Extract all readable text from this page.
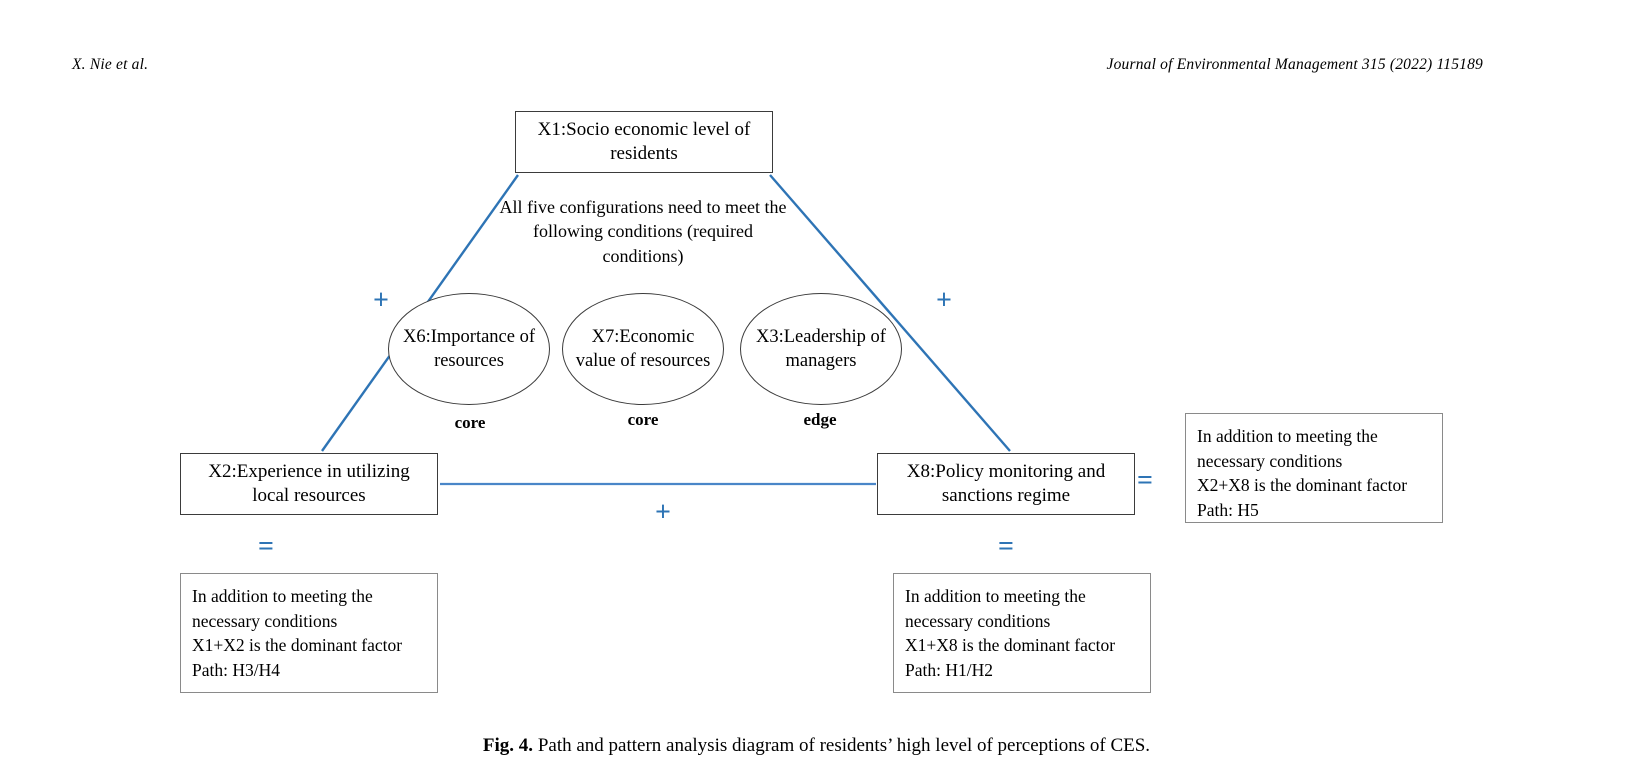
X. Nie et al.	Journal of Environmental Management 315 (2022) 115189
X1:Socio economic level of residents
All five configurations need to meet the following conditions (required conditions)
X6:Importance of resources
X7:Economic value of resources
X3:Leadership of managers
core	core	edge
+	+
+
X2:Experience in utilizing local resources
X8:Policy monitoring and sanctions regime
=	=
=
In addition to meeting the
necessary conditions
X1+X2 is the dominant factor
Path: H3/H4
In addition to meeting the
necessary conditions
X1+X8 is the dominant factor
Path: H1/H2
In addition to meeting the
necessary conditions
X2+X8 is the dominant factor
Path: H5
Fig. 4. Path and pattern analysis diagram of residents’ high level of perceptions of CES.
